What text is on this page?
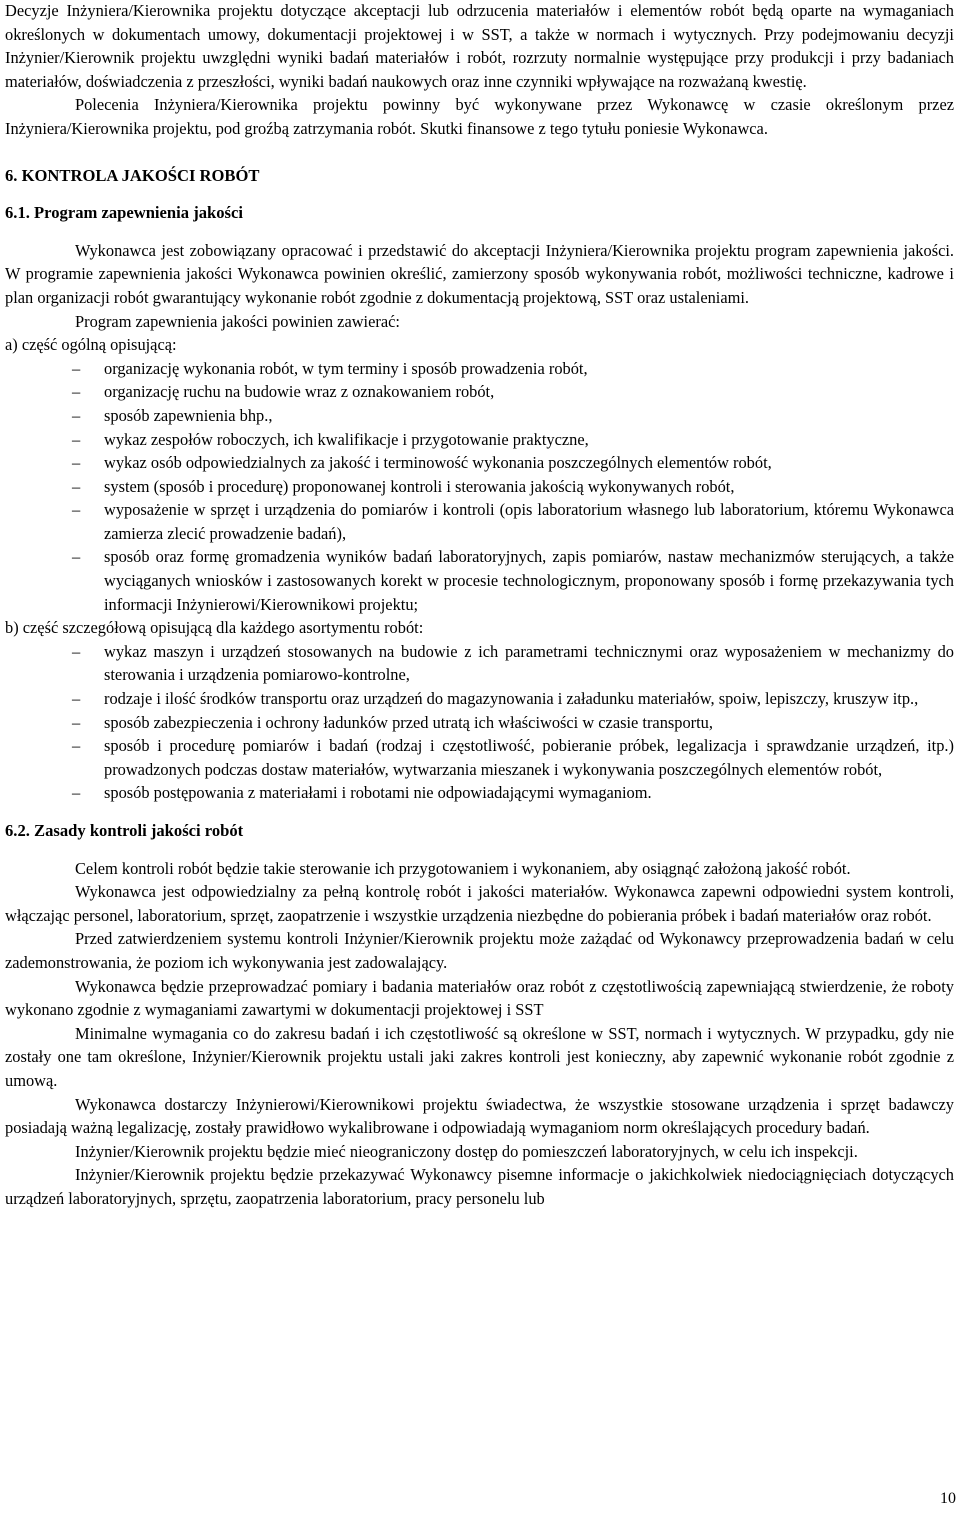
Decyzje Inżyniera/Kierownika projektu dotyczące akceptacji lub odrzucenia materiałów i elementów robót będą oparte na wymaganiach określonych w dokumentach umowy, dokumentacji projektowej i w SST, a także w normach i wytycznych. Przy podejmowaniu decyzji Inżynier/Kierownik projektu uwzględni wyniki badań materiałów i robót, rozrzuty normalnie występujące przy produkcji i przy badaniach materiałów, doświadczenia z przeszłości, wyniki badań naukowych oraz inne czynniki wpływające na rozważaną kwestię.

Polecenia Inżyniera/Kierownika projektu powinny być wykonywane przez Wykonawcę w czasie określonym przez Inżyniera/Kierownika projektu, pod groźbą zatrzymania robót. Skutki finansowe z tego tytułu poniesie Wykonawca.

6. KONTROLA JAKOŚCI ROBÓT

6.1. Program zapewnienia jakości

Wykonawca jest zobowiązany opracować i przedstawić do akceptacji Inżyniera/Kierownika projektu program zapewnienia jakości. W programie zapewnienia jakości Wykonawca powinien określić, zamierzony sposób wykonywania robót, możliwości techniczne, kadrowe i plan organizacji robót gwarantujący wykonanie robót zgodnie z dokumentacją projektową, SST oraz ustaleniami.

Program zapewnienia jakości powinien zawierać:

a) część ogólną opisującą:

– organizację wykonania robót, w tym terminy i sposób prowadzenia robót,
– organizację ruchu na budowie wraz z oznakowaniem robót,
– sposób zapewnienia bhp.,
– wykaz zespołów roboczych, ich kwalifikacje i przygotowanie praktyczne,
– wykaz osób odpowiedzialnych za jakość i terminowość wykonania poszczególnych elementów robót,
– system (sposób i procedurę) proponowanej kontroli i sterowania jakością wykonywanych robót,
– wyposażenie w sprzęt i urządzenia do pomiarów i kontroli (opis laboratorium własnego lub laboratorium, któremu Wykonawca zamierza zlecić prowadzenie badań),
– sposób oraz formę gromadzenia wyników badań laboratoryjnych, zapis pomiarów, nastaw mechanizmów sterujących, a także wyciąganych wniosków i zastosowanych korekt w procesie technologicznym, proponowany sposób i formę przekazywania tych informacji Inżynierowi/Kierownikowi projektu;

b) część szczegółową opisującą dla każdego asortymentu robót:

– wykaz maszyn i urządzeń stosowanych na budowie z ich parametrami technicznymi oraz wyposażeniem w mechanizmy do sterowania i urządzenia pomiarowo-kontrolne,
– rodzaje i ilość środków transportu oraz urządzeń do magazynowania i załadunku materiałów, spoiw, lepiszczy, kruszyw itp.,
– sposób zabezpieczenia i ochrony ładunków przed utratą ich właściwości w czasie transportu,
– sposób i procedurę pomiarów i badań (rodzaj i częstotliwość, pobieranie próbek, legalizacja i sprawdzanie urządzeń, itp.) prowadzonych podczas dostaw materiałów, wytwarzania mieszanek i wykonywania poszczególnych elementów robót,
– sposób postępowania z materiałami i robotami nie odpowiadającymi wymaganiom.

6.2. Zasady kontroli jakości robót

Celem kontroli robót będzie takie sterowanie ich przygotowaniem i wykonaniem, aby osiągnąć założoną jakość robót.

Wykonawca jest odpowiedzialny za pełną kontrolę robót i jakości materiałów. Wykonawca zapewni odpowiedni system kontroli, włączając personel, laboratorium, sprzęt, zaopatrzenie i wszystkie urządzenia niezbędne do pobierania próbek i badań materiałów oraz robót.

Przed zatwierdzeniem systemu kontroli Inżynier/Kierownik projektu może zażądać od Wykonawcy przeprowadzenia badań w celu zademonstrowania, że poziom ich wykonywania jest zadowalający.

Wykonawca będzie przeprowadzać pomiary i badania materiałów oraz robót z częstotliwością zapewniającą stwierdzenie, że roboty wykonano zgodnie z wymaganiami zawartymi w dokumentacji projektowej i SST

Minimalne wymagania co do zakresu badań i ich częstotliwość są określone w SST, normach i wytycznych. W przypadku, gdy nie zostały one tam określone, Inżynier/Kierownik projektu ustali jaki zakres kontroli jest konieczny, aby zapewnić wykonanie robót zgodnie z umową.

Wykonawca dostarczy Inżynierowi/Kierownikowi projektu świadectwa, że wszystkie stosowane urządzenia i sprzęt badawczy posiadają ważną legalizację, zostały prawidłowo wykalibrowane i odpowiadają wymaganiom norm określających procedury badań.

Inżynier/Kierownik projektu będzie mieć nieograniczony dostęp do pomieszczeń laboratoryjnych, w celu ich inspekcji.

Inżynier/Kierownik projektu będzie przekazywać Wykonawcy pisemne informacje o jakichkolwiek niedociągnięciach dotyczących urządzeń laboratoryjnych, sprzętu, zaopatrzenia laboratorium, pracy personelu lub

10
